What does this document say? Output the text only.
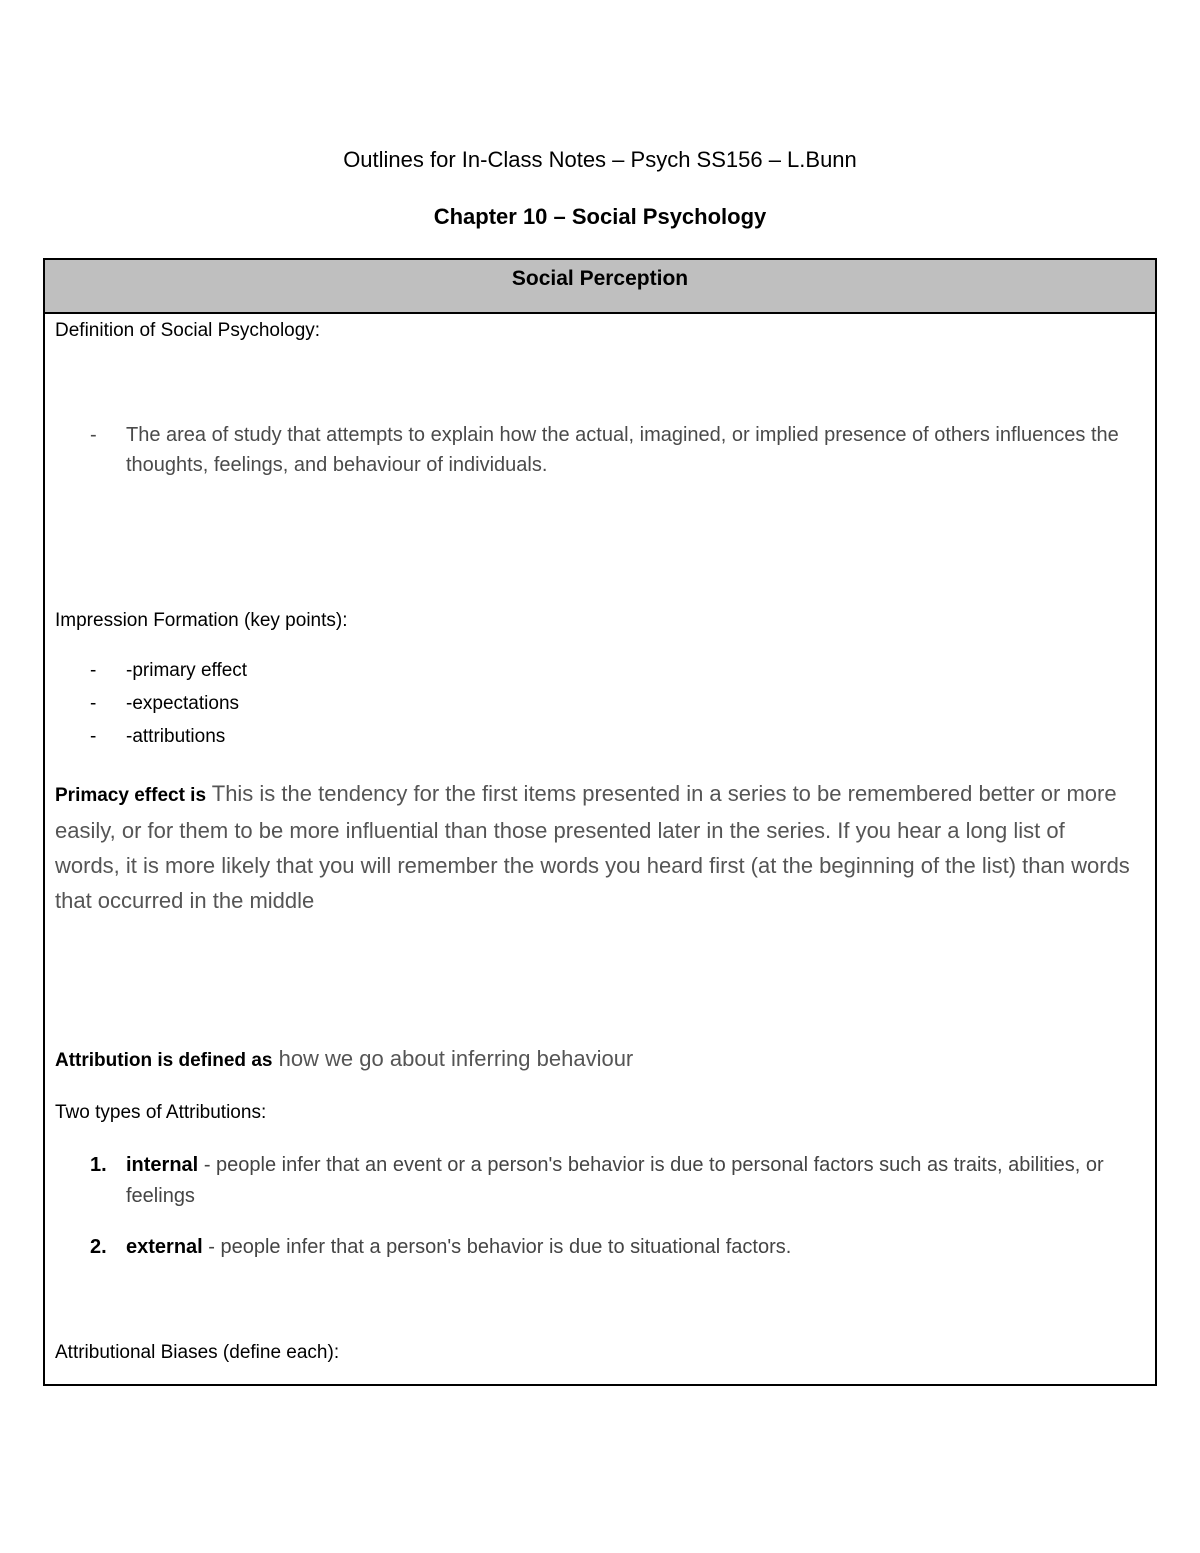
Outlines for In-Class Notes – Psych SS156 – L.Bunn
Chapter 10 – Social Psychology
Social Perception
Definition of Social Psychology:
- The area of study that attempts to explain how the actual, imagined, or implied presence of others influences the thoughts, feelings, and behaviour of individuals.
Impression Formation (key points):
- -primary effect
- -expectations
- -attributions
Primacy effect is This is the tendency for the first items presented in a series to be remembered better or more easily, or for them to be more influential than those presented later in the series. If you hear a long list of words, it is more likely that you will remember the words you heard first (at the beginning of the list) than words that occurred in the middle
Attribution is defined as how we go about inferring behaviour
Two types of Attributions:
1. internal - people infer that an event or a person's behavior is due to personal factors such as traits, abilities, or feelings
2. external - people infer that a person's behavior is due to situational factors.
Attributional Biases (define each):
